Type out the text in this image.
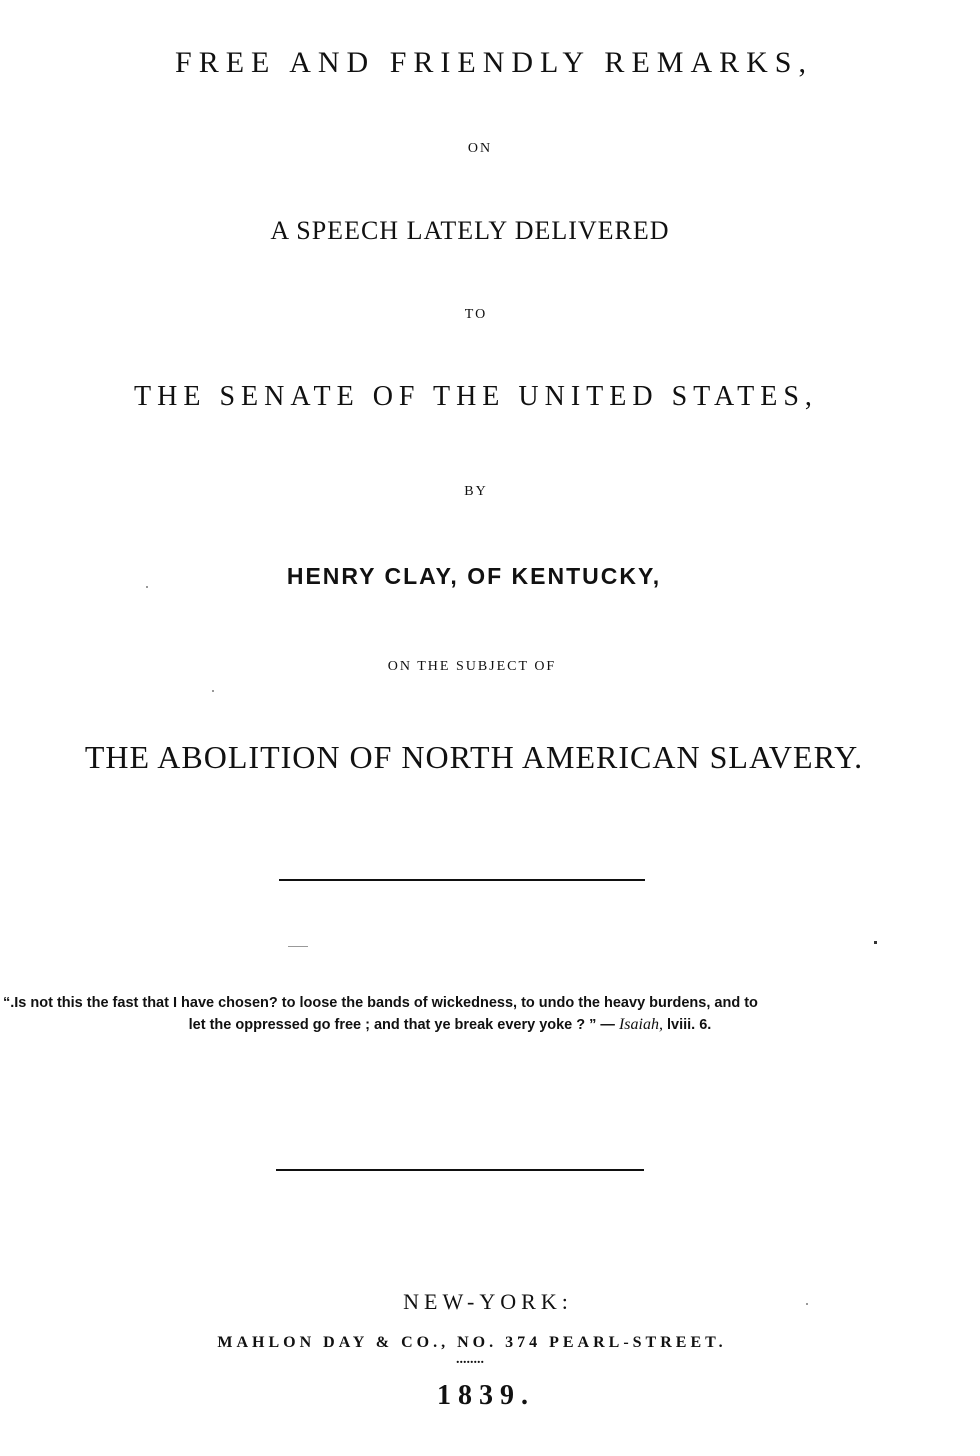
FREE AND FRIENDLY REMARKS,
ON
A SPEECH LATELY DELIVERED
TO
THE SENATE OF THE UNITED STATES,
BY
HENRY CLAY, OF KENTUCKY,
ON THE SUBJECT OF
THE ABOLITION OF NORTH AMERICAN SLAVERY.
“.Is not this the fast that I have chosen? to loose the bands of wickedness, to undo the heavy burdens, and to
let the oppressed go free ; and that ye break every yoke ? ” — Isaiah, lviii. 6.
NEW-YORK:
MAHLON DAY & CO., NO. 374 PEARL-STREET.
........
1839.
